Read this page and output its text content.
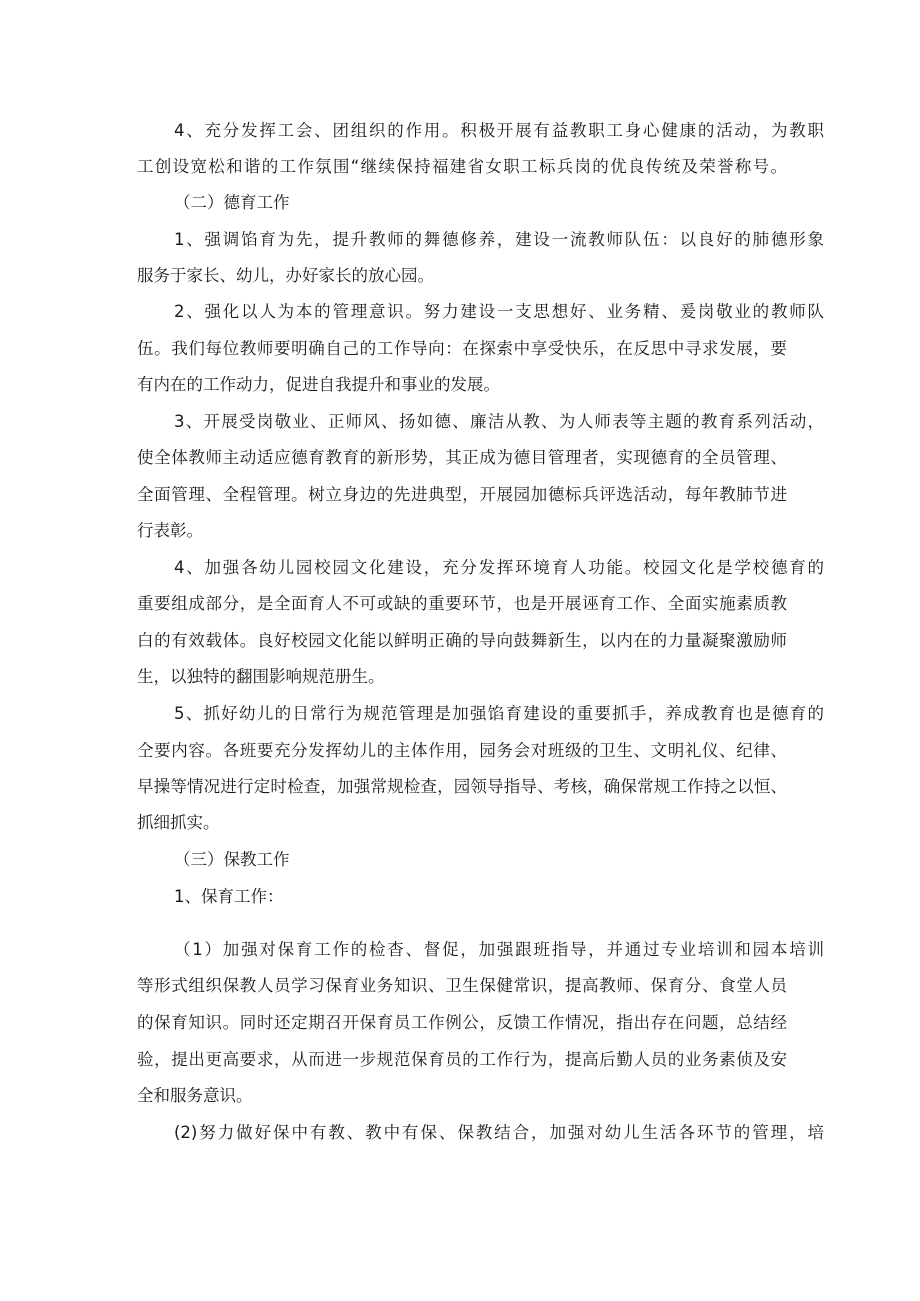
4、充分发挥工会、团组织的作用。积极开展有益教职工身心健康的活动，为教职
工创设宽松和谐的工作氛围“继续保持福建省女职工标兵岗的优良传统及荣誉称号。
（二）德育工作
1、强调馅育为先，提升教师的舞德修养，建设一流教师队伍：以良好的肺德形象
服务于家长、幼儿，办好家长的放心园。
2、强化以人为本的管理意识。努力建设一支思想好、业务精、爰岗敬业的教师队
伍。我们每位教师要明确自己的工作导向：在探索中享受快乐，在反思中寻求发展，要
有内在的工作动力，促进自我提升和事业的发展。
3、开展受岗敬业、正师风、扬如德、廉洁从教、为人师表等主题的教育系列活动，
使全体教师主动适应德育教育的新形势，其正成为德目管理者，实现德育的全员管理、
全面管理、全程管理。树立身边的先进典型，开展园加德标兵评选活动，每年教肺节进
行表彰。
4、加强各幼儿园校园文化建设，充分发挥环境育人功能。校园文化是学校德育的
重要组成部分，是全面育人不可或缺的重要环节，也是开展诬育工作、全面实施素质教
白的有效载体。良好校园文化能以鲜明正确的导向鼓舞新生，以内在的力量凝聚激励师
生，以独特的翻围影响规范册生。
5、抓好幼儿的日常行为规范管理是加强馅育建设的重要抓手，养成教育也是德育的
仝要内容。各班要充分发挥幼儿的主体作用，园务会对班级的卫生、文明礼仪、纪律、
早操等情况进行定时检查，加强常规检查，园领导指导、考核，确保常规工作持之以恒、
抓细抓实。
（三）保教工作
1、保育工作：
（1）加强对保育工作的检杳、督促，加强跟班指导，并通过专业培训和园本培训
等形式组织保教人员学习保育业务知识、卫生保健常识，提高教师、保育分、食堂人员
的保育知识。同时还定期召开保育员工作例公，反馈工作情况，指出存在问题，总结经
验，提出更高要求，从而进一步规范保育员的工作行为，提高后勤人员的业务素侦及安
全和服务意识。
(2)努力做好保中有教、教中有保、保教结合，加强对幼儿生活各环节的管理，培
